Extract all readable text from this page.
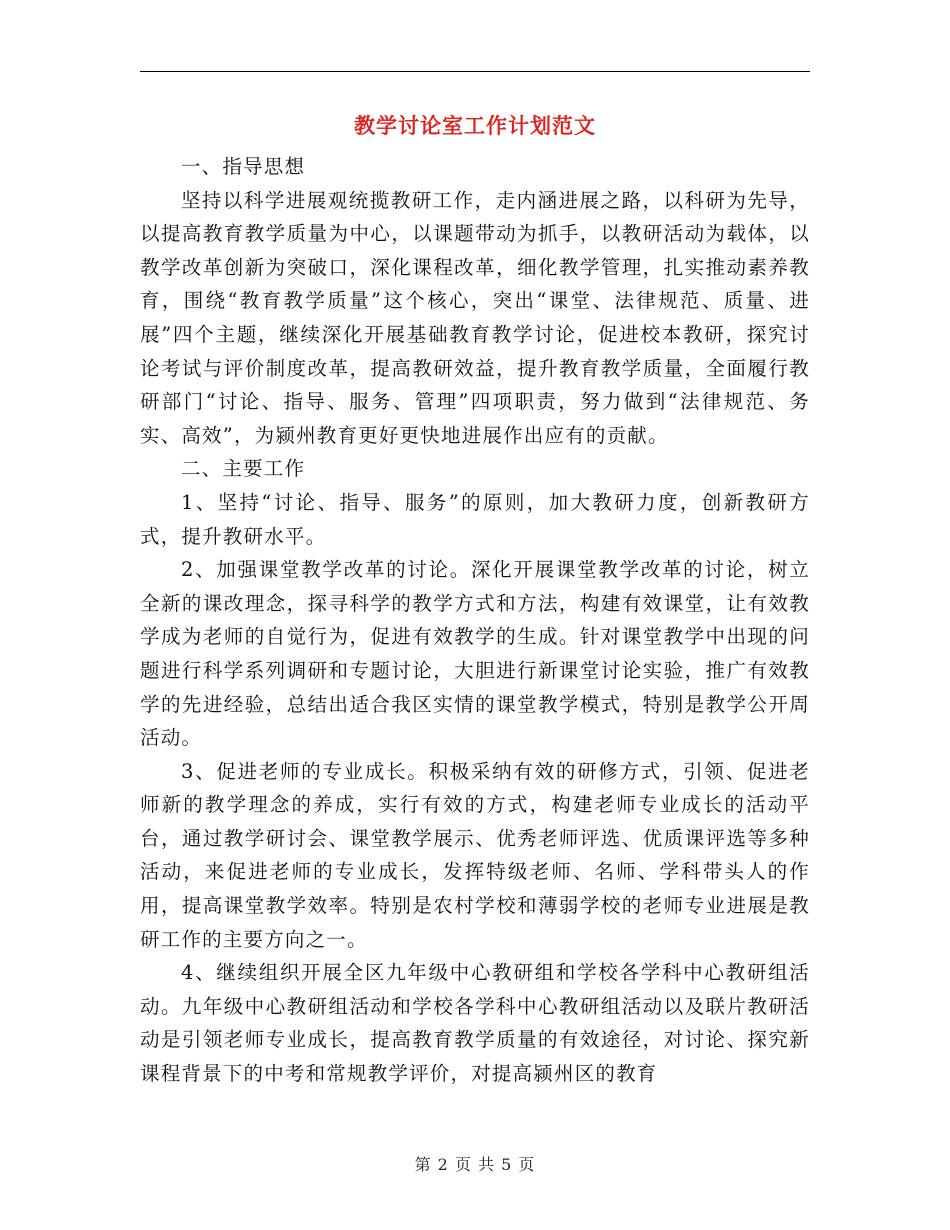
教学讨论室工作计划范文

一、指导思想

坚持以科学进展观统揽教研工作，走内涵进展之路，以科研为先导，以提高教育教学质量为中心，以课题带动为抓手，以教研活动为载体，以教学改革创新为突破口，深化课程改革，细化教学管理，扎实推动素养教育，围绕“教育教学质量”这个核心，突出“课堂、法律规范、质量、进展”四个主题，继续深化开展基础教育教学讨论，促进校本教研，探究讨论考试与评价制度改革，提高教研效益，提升教育教学质量，全面履行教研部门“讨论、指导、服务、管理”四项职责，努力做到“法律规范、务实、高效”，为颍州教育更好更快地进展作出应有的贡献。

二、主要工作

1、坚持“讨论、指导、服务”的原则，加大教研力度，创新教研方式，提升教研水平。

2、加强课堂教学改革的讨论。深化开展课堂教学改革的讨论，树立全新的课改理念，探寻科学的教学方式和方法，构建有效课堂，让有效教学成为老师的自觉行为，促进有效教学的生成。针对课堂教学中出现的问题进行科学系列调研和专题讨论，大胆进行新课堂讨论实验，推广有效教学的先进经验，总结出适合我区实情的课堂教学模式，特别是教学公开周活动。

3、促进老师的专业成长。积极采纳有效的研修方式，引领、促进老师新的教学理念的养成，实行有效的方式，构建老师专业成长的活动平台，通过教学研讨会、课堂教学展示、优秀老师评选、优质课评选等多种活动，来促进老师的专业成长，发挥特级老师、名师、学科带头人的作用，提高课堂教学效率。特别是农村学校和薄弱学校的老师专业进展是教研工作的主要方向之一。

4、继续组织开展全区九年级中心教研组和学校各学科中心教研组活动。九年级中心教研组活动和学校各学科中心教研组活动以及联片教研活动是引领老师专业成长，提高教育教学质量的有效途径，对讨论、探究新课程背景下的中考和常规教学评价，对提高颍州区的教育

第 2 页 共 5 页
